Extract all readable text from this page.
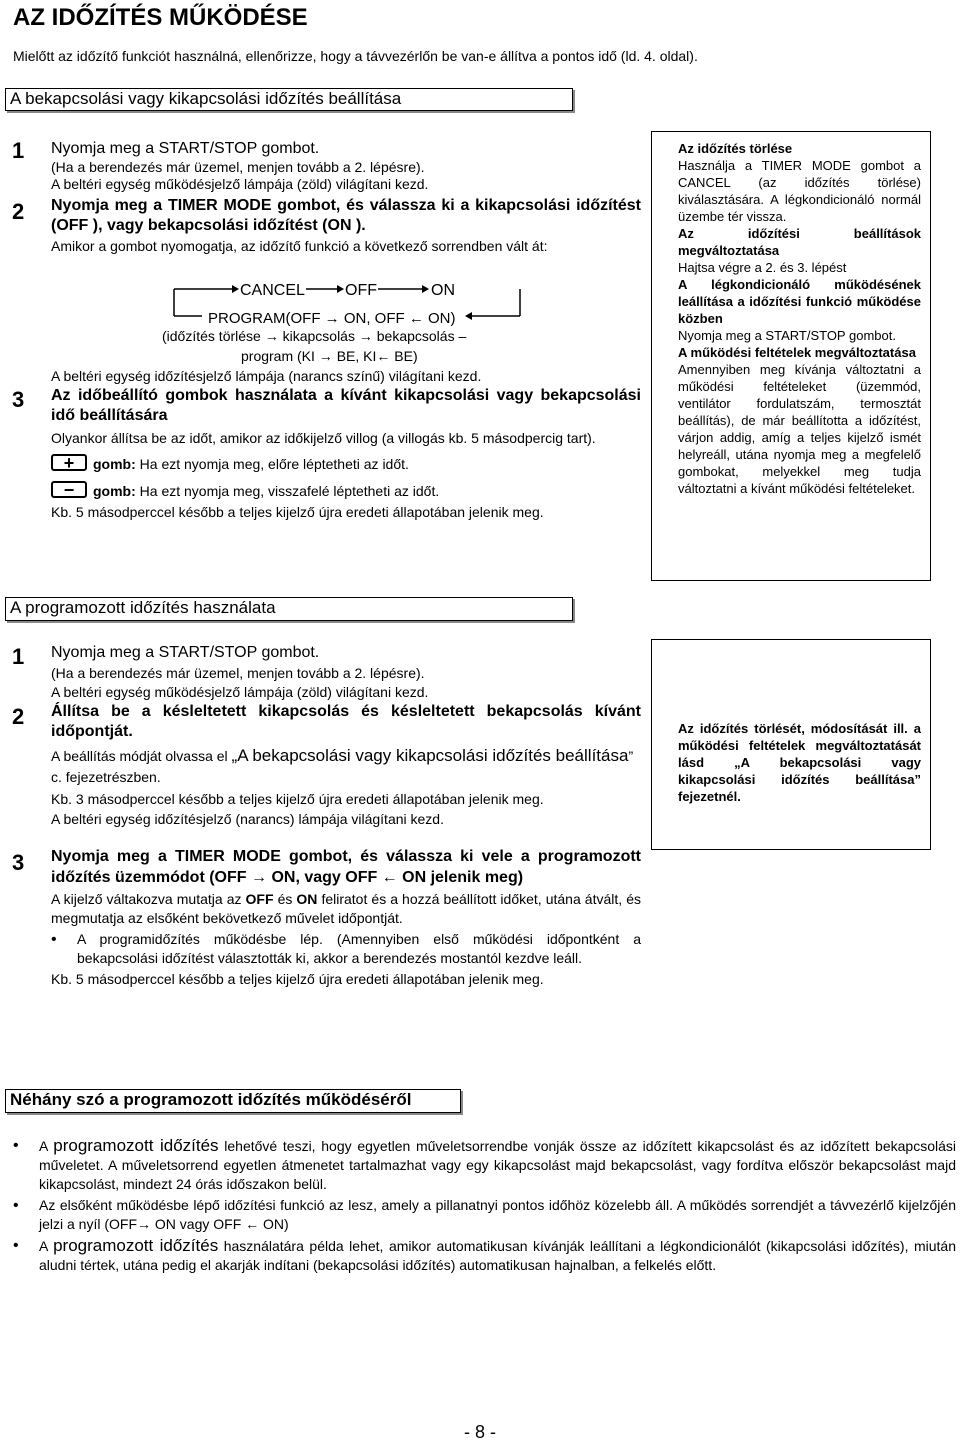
AZ IDŐZÍTÉS MŰKÖDÉSE
Mielőtt az időzítő funkciót használná, ellenőrizze, hogy a távvezérlőn be van-e állítva a pontos idő (ld. 4. oldal).
A bekapcsolási vagy kikapcsolási időzítés beállítása
1 Nyomja meg a START/STOP gombot.
(Ha a berendezés már üzemel, menjen tovább a 2. lépésre).
A beltéri egység működésjelző lámpája (zöld) világítani kezd.
2 Nyomja meg a TIMER MODE gombot, és válassza ki a kikapcsolási időzítést (OFF ), vagy bekapcsolási időzítést (ON ).
Amikor a gombot nyomogatja, az időzítő funkció a következő sorrendben vált át:
CANCEL	OFF	ON
PROGRAM(OFF → ON, OFF ← ON)
(időzítés törlése → kikapcsolás → bekapcsolás –
program (KI → BE, KI← BE)
A beltéri egység időzítésjelző lámpája (narancs színű) világítani kezd.
3 Az időbeállító gombok használata a kívánt kikapcsolási vagy bekapcsolási idő beállítására
Olyankor állítsa be az időt, amikor az időkijelző villog (a villogás kb. 5 másodpercig tart).
+	gomb: Ha ezt nyomja meg, előre léptetheti az időt.
−	gomb: Ha ezt nyomja meg, visszafelé léptetheti az időt.
Kb. 5 másodperccel később a teljes kijelző újra eredeti állapotában jelenik meg.
Az időzítés törlése
Használja a TIMER MODE gombot a CANCEL (az időzítés törlése) kiválasztására. A légkondicionáló normál üzembe tér vissza.
Az időzítési beállítások megváltoztatása
Hajtsa végre a 2. és 3. lépést
A légkondicionáló működésének leállítása a időzítési funkció működése közben
Nyomja meg a START/STOP gombot.
A működési feltételek megváltoztatása
Amennyiben meg kívánja változtatni a működési feltételeket (üzemmód, ventilátor fordulatszám, termosztát beállítás), de már beállította a időzítést, várjon addig, amíg a teljes kijelző ismét helyreáll, utána nyomja meg a megfelelő gombokat, melyekkel meg tudja változtatni a kívánt működési feltételeket.
A programozott időzítés használata
1 Nyomja meg a START/STOP gombot.
(Ha a berendezés már üzemel, menjen tovább a 2. lépésre).
A beltéri egység működésjelző lámpája (zöld) világítani kezd.
2 Állítsa be a késleltetett kikapcsolás és késleltetett bekapcsolás kívánt időpontját.
A beállítás módját olvassa el „A bekapcsolási vagy kikapcsolási időzítés beállítása” c. fejezetrészben.
Kb. 3 másodperccel később a teljes kijelző újra eredeti állapotában jelenik meg.
A beltéri egység időzítésjelző (narancs) lámpája világítani kezd.
3 Nyomja meg a TIMER MODE gombot, és válassza ki vele a programozott időzítés üzemmódot (OFF → ON, vagy OFF ← ON jelenik meg)
A kijelző váltakozva mutatja az OFF és ON feliratot és a hozzá beállított időket, utána átvált, és megmutatja az elsőként bekövetkező művelet időpontját.
• A programidőzítés működésbe lép. (Amennyiben első működési időpontként a bekapcsolási időzítést választották ki, akkor a berendezés mostantól kezdve leáll.
Kb. 5 másodperccel később a teljes kijelző újra eredeti állapotában jelenik meg.
Az időzítés törlését, módosítását ill. a működési feltételek megváltoztatását lásd „A bekapcsolási vagy kikapcsolási időzítés beállítása” fejezetnél.
Néhány szó a programozott időzítés működéséről
• A programozott időzítés lehetővé teszi, hogy egyetlen műveletsorrendbe vonják össze az időzített kikapcsolást és az időzített bekapcsolási műveletet. A műveletsorrend egyetlen átmenetet tartalmazhat vagy egy kikapcsolást majd bekapcsolást, vagy fordítva először bekapcsolást majd kikapcsolást, mindezt 24 órás időszakon belül.
• Az elsőként működésbe lépő időzítési funkció az lesz, amely a pillanatnyi pontos időhöz közelebb áll. A működés sorrendjét a távvezérlő kijelzőjén jelzi a nyíl (OFF→ ON vagy OFF ← ON)
• A programozott időzítés használatára példa lehet, amikor automatikusan kívánják leállítani a légkondicionálót (kikapcsolási időzítés), miután aludni tértek, utána pedig el akarják indítani (bekapcsolási időzítés) automatikusan hajnalban, a felkelés előtt.
- 8 -
